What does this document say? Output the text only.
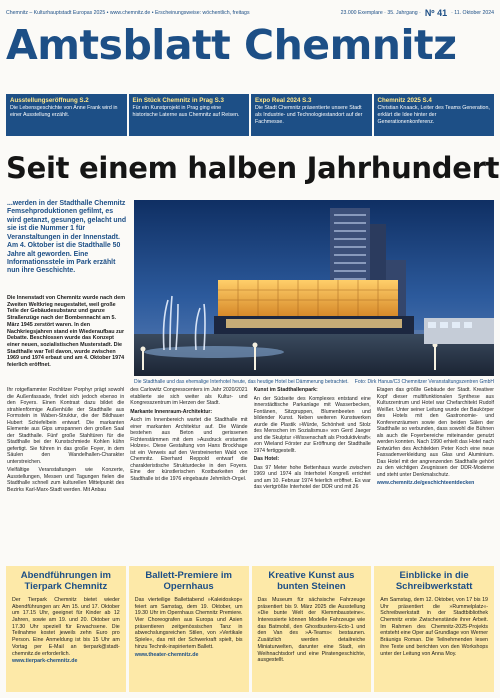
Chemnitz – Kulturhauptstadt Europas 2025 • www.chemnitz.de • Erscheinungsweise: wöchentlich, freitags	23.000 Exemplare · 35. Jahrgang · Nº 41 · 11. Oktober 2024
Amtsblatt Chemnitz
Ausstellungseröffnung S.2
Die Lebensgeschichte von Anne Frank wird in einer Ausstellung erzählt.
Ein Stück Chemnitz in Prag S.3
Für ein Kunstprojekt in Prag ging eine historische Laterne aus Chemnitz auf Reisen.
Expo Real 2024 S.3
Die Stadt Chemnitz präsentierte unsere Stadt als Industrie- und Technologiestandort auf der Fachmesse.
Chemnitz 2025 S.4
Christian Knaack, Leiter des Teams Generation, erklärt die Idee hinter der Generationenkonferenz.
Seit einem halben Jahrhundert
...werden in der Stadthalle Chemnitz Femsehproduktionen gefilmt, es wird getanzt, gesungen, gelacht und sie ist die Nummer 1 für Veranstaltungen in der Innenstadt. Am 4. Oktober ist die Stadthalle 50 Jahre alt geworden. Eine Informationsstele im Park erzählt nun ihre Geschichte.
Die Innenstadt von Chemnitz wurde nach dem Zweiten Weltkrieg neugestaltet, weil große Teile der Gebäudesubstanz und ganze Straßenzüge nach der Bombennacht am 5. März 1945 zerstört waren. In den Nachkriegsjahren stand ein Wiederaufbau zur Debatte. Beschlossen wurde das Konzept einer neuen, sozialistischen Musterstadt. Die Stadthalle war Teil davon, wurde zwischen 1969 und 1974 erbaut und am 4. Oktober 1974 feierlich eröffnet.
Die Stadthalle und das ehemalige Interhotel heute, das heutige Hotel bei Dämmerung betrachtet. Foto: Dirk Hanus/C3 Chemnitzer Veranstaltungszentren GmbH

Ihr rotgeflammter Rochlitzer Porphyr prägt sowohl die Außenfassade, findet sich jedoch ebenso in den Foyers. Einen Kontrast dazu bildet die strahlenförmige Außenhülle der Stadthalle aus Formstein in Waben-Struktur, die der Bildhauer Hubert Schiefelbein entwarf. Die markanten Elemente aus Gips umspannen den großen Saal der Stadthalle. Fünf große Stahltüren für die Stadthalle bei der Kunstschmiede Kohlen kühn gefertigt. Sie führen in das große Foyer, in dem Säulen den Wandelhallen-Charakter unterstreichen.

Vielfältige Veranstaltungen wie Konzerte, Ausstellungen, Messen und Tagungen fielen die Stadthalle schnell zum kulturellen Mittelpunkt des Bezirks Karl-Marx-Stadt werden. Mit Anbau

des Carlowitz Congresscenters im Jahr 2020/2021 etablierte sie sich weiter als Kultur- und Kongresszentrum im Herzen der Stadt.

Markante Innenraum-Architektur:

Auch im Innenbereich wartet die Stadthalle mit einer markanten Architektur auf. Die Wände bestehen aus Beton und gerissenen Fichtenstämmen mit dem »Ausdruck erstarrten Holzes«. Diese Gestaltung von Hans Brockhage ist ein Verweis auf den Verstreinerten Wald von Chemnitz. Eberhard Reppold entwarf die charakteristische Strukturdecke in den Foyers. Eine der künstlerischen Kostbarkeiten der Stadthalle ist die 1976 eingebaute Jehmlich-Orgel.

Kunst im Stadthallenpark:

An der Südseite des Komplexes entstand eine innerstädtische Parkanlage mit Wasserbecken, Fontänen, Sitzgruppen, Blumenbeeten und bildender Kunst. Neben weiteren Kunstwerken wurde die Plastik »Würde, Schönheit und Stolz des Menschen im Sozialismus« von Gerd Jaeger und die Skulptur »Wissenschaft als Produktivkraft« von Wieland Förster zur Eröffnung der Stadthalle 1974 fertiggestellt.

Das Hotel:

Das 97 Meter hohe Bettenhaus wurde zwischen 1969 und 1974 als Interhotel Kongreß errichtet und am 10. Februar 1974 feierlich eröffnet. Es war das viertgrößte Interhotel der DDR und mit 26

Etagen das größte Gebäude der Stadt. Kreativer Kopf dieser multifunktionalen Synthese aus Kulturzentrum und Hotel war Chefarchitekt Rudolf Weißer. Unter seiner Leitung wurde der Baukörper des Hotels mit den Gastronomie- und Konferenzräumen sowie den beiden Sälen der Stadthalle so verbunden, dass sowohl die Bühnen als auch die Foyerbereiche miteinander genutzt werden konnten. Nach 1990 erhielt das Hotel nach Entwürfen des Architekten Peter Koch eine neue Fassadenverkleidung aus Glas und Aluminium. Das Hotel mit der angrenzenden Stadthalle gehört zu den wichtigen Zeugnissen der DDR-Moderne und steht unter Denkmalschutz.

www.chemnitz.de/geschichteentdecken
Abendführungen im Tierpark Chemnitz
Der Tierpark Chemnitz bietet wieder Abendführungen an: Am 15. und 17. Oktober um 17.15 Uhr, geeignet für Kinder ab 12 Jahren, sowie am 19. und 20. Oktober um 17.30 Uhr speziell für Erwachsene. Die Teilnahme kostet jeweils zehn Euro pro Person. Eine Anmeldung ist bis 15 Uhr am Vortag per E-Mail an tierpark@stadt-chemnitz.de erforderlich.
www.tierpark-chemnitz.de
Ballett-Premiere im Opernhaus
Das vierteilige Ballettabend »Kaleidoskop« feiert am Samstag, dem 19. Oktober, um 19.30 Uhr im Opernhaus Chemnitz Premiere. Vier Choreografen aus Europa und Asien präsentieren zeitgenössischen Tanz in abwechslungsreichen Stilen, von »Vertikale Spiele«, das mit der Schwerkraft spielt, bis hinzu Technik-inspiriertem Ballett.
www.theater-chemnitz.de
Kreative Kunst aus bunten Steinen
Das Museum für sächsische Fahrzeuge präsentiert bis 9. März 2025 die Ausstellung »Die bunte Welt der Klemmbausteine«. Interessierte können Modelle Fahrzeuge wie das Batmobil, den Ghostbusters-Ecto-1 und den Van des »A-Teams« bestaunen. Zusätzlich werden detailreiche Miniaturwelten, darunter eine Stadt, ein Weihnachtsdorf und eine Piratengeschichte, ausgestellt.
Einblicke in die Schreibwerkstatt
Am Samstag, dem 12. Oktober, von 17 bis 19 Uhr präsentiert die »Rummelplatz«-Schreibwerkstatt in der Stadtbibliothek Chemnitz erste Zwischenstände ihrer Arbeit. Im Rahmen des Chemnitz-2025-Projekts entsteht eine Oper auf Grundlage von Werner Bräunigs Roman. Die Teilnehmenden lesen ihre Texte und berichten von den Workshops unter der Leitung von Anna Moy.
